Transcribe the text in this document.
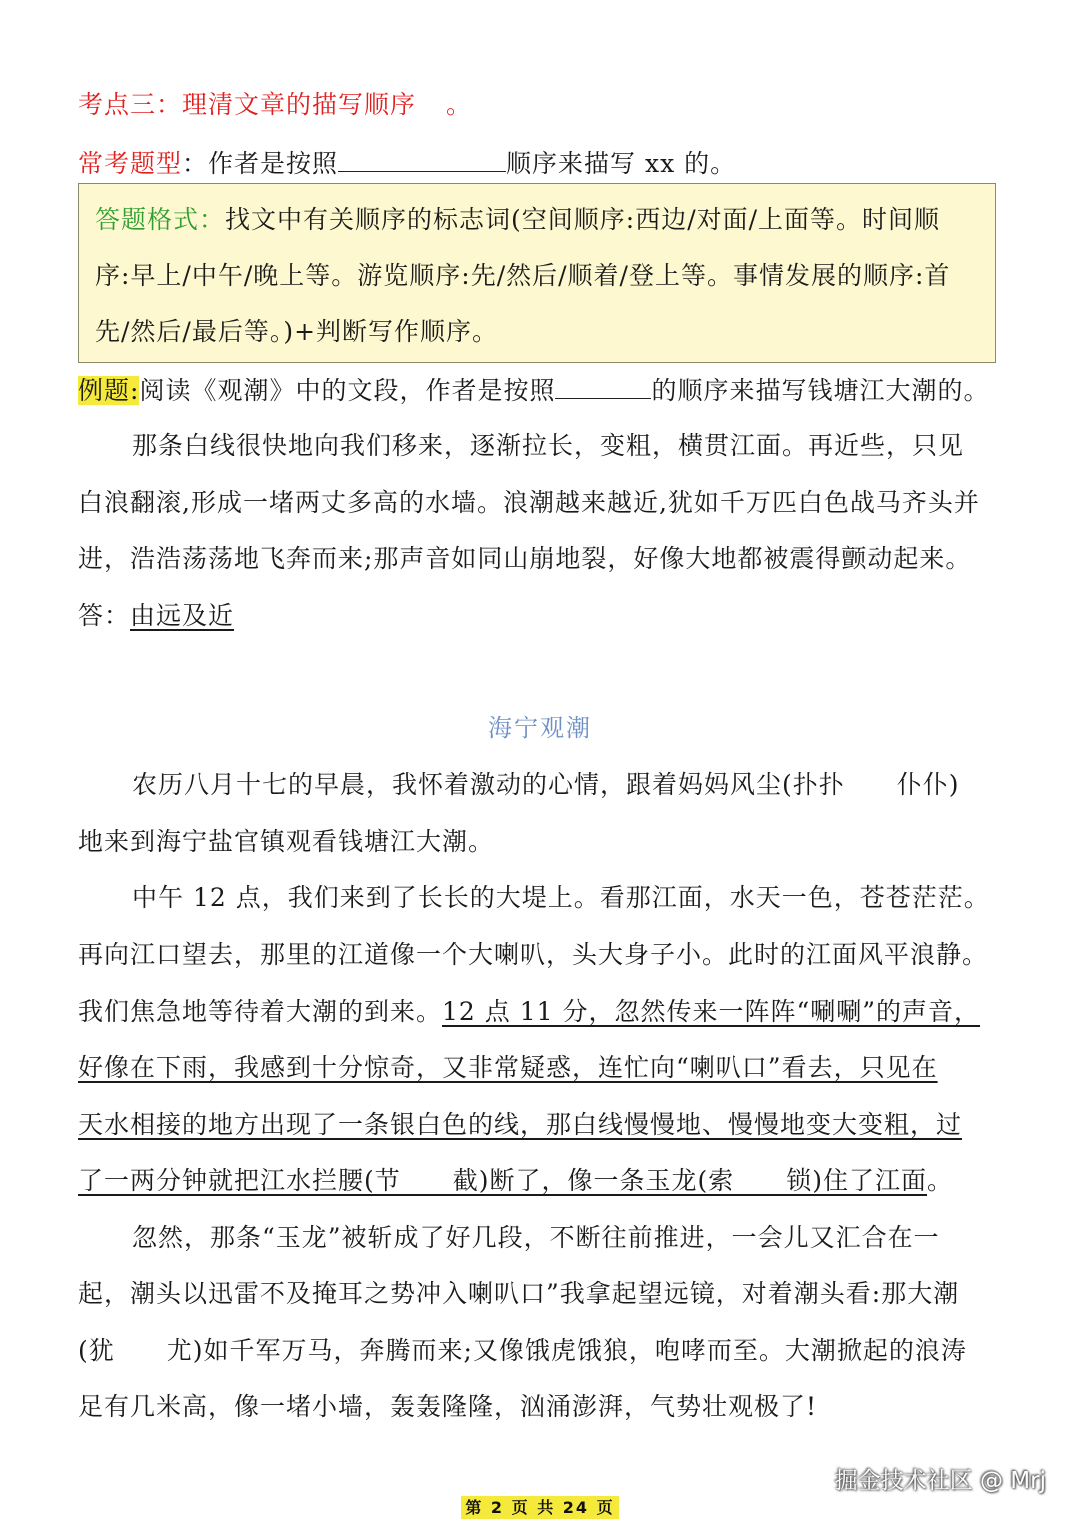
考点三：理清文章的描写顺序 。
常考题型：作者是按照	顺序来描写 xx 的。
答题格式：找文中有关顺序的标志词(空间顺序:西边/对面/上面等。时间顺
序:早上/中午/晚上等。游览顺序:先/然后/顺着/登上等。事情发展的顺序:首
先/然后/最后等。)+判断写作顺序。
例题:阅读《观潮》中的文段，作者是按照	的顺序来描写钱塘江大潮的。
那条白线很快地向我们移来，逐渐拉长，变粗，横贯江面。再近些，只见
白浪翻滚,形成一堵两丈多高的水墙。浪潮越来越近,犹如千万匹白色战马齐头并
进，浩浩荡荡地飞奔而来;那声音如同山崩地裂，好像大地都被震得颤动起来。
答：由远及近
海宁观潮
农历八月十七的早晨，我怀着激动的心情，跟着妈妈风尘(扑扑　　仆仆)
地来到海宁盐官镇观看钱塘江大潮。
中午 12 点，我们来到了长长的大堤上。看那江面，水天一色，苍苍茫茫。
再向江口望去，那里的江道像一个大喇叭，头大身子小。此时的江面风平浪静。
我们焦急地等待着大潮的到来。12 点 11 分，忽然传来一阵阵“唰唰”的声音，
好像在下雨，我感到十分惊奇，又非常疑惑，连忙向“喇叭口”看去，只见在
天水相接的地方出现了一条银白色的线，那白线慢慢地、慢慢地变大变粗，过
了一两分钟就把江水拦腰(节　　截)断了，像一条玉龙(索　　锁)住了江面。
忽然，那条“玉龙”被斩成了好几段，不断往前推进，一会儿又汇合在一
起，潮头以迅雷不及掩耳之势冲入喇叭口”我拿起望远镜，对着潮头看:那大潮
(犹　　尤)如千军万马，奔腾而来;又像饿虎饿狼，咆哮而至。大潮掀起的浪涛
足有几米高，像一堵小墙，轰轰隆隆，汹涌澎湃，气势壮观极了!
掘金技术社区 @ Mrj
第 2 页 共 24 页
